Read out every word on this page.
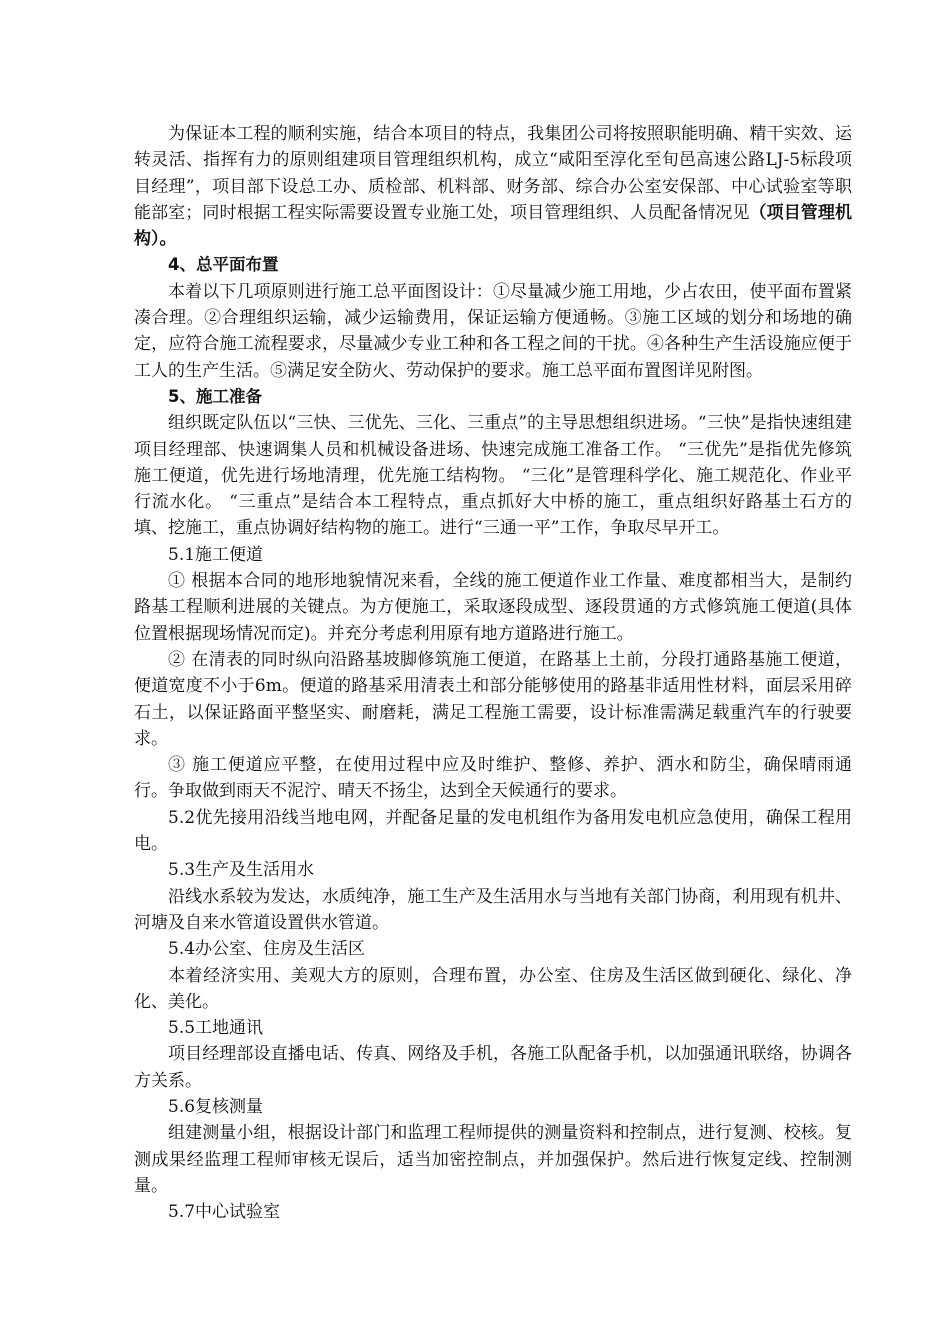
为保证本工程的顺利实施，结合本项目的特点，我集团公司将按照职能明确、精干实效、运转灵活、指挥有力的原则组建项目管理组织机构，成立“咸阳至淳化至旬邑高速公路LJ-5标段项目经理”，项目部下设总工办、质检部、机料部、财务部、综合办公室安保部、中心试验室等职能部室；同时根据工程实际需要设置专业施工处，项目管理组织、人员配备情况见（项目管理机构）。

4、总平面布置

本着以下几项原则进行施工总平面图设计：①尽量减少施工用地，少占农田，使平面布置紧凑合理。②合理组织运输，减少运输费用，保证运输方便通畅。③施工区域的划分和场地的确定，应符合施工流程要求，尽量减少专业工种和各工程之间的干扰。④各种生产生活设施应便于工人的生产生活。⑤满足安全防火、劳动保护的要求。施工总平面布置图详见附图。

5、施工准备

组织既定队伍以“三快、三优先、三化、三重点”的主导思想组织进场。“三快”是指快速组建项目经理部、快速调集人员和机械设备进场、快速完成施工准备工作。 “三优先”是指优先修筑施工便道，优先进行场地清理，优先施工结构物。 “三化”是管理科学化、施工规范化、作业平行流水化。 “三重点”是结合本工程特点，重点抓好大中桥的施工，重点组织好路基土石方的填、挖施工，重点协调好结构物的施工。进行“三通一平”工作，争取尽早开工。

5.1施工便道

① 根据本合同的地形地貌情况来看，全线的施工便道作业工作量、难度都相当大，是制约路基工程顺利进展的关键点。为方便施工，采取逐段成型、逐段贯通的方式修筑施工便道(具体位置根据现场情况而定)。并充分考虑利用原有地方道路进行施工。

② 在清表的同时纵向沿路基坡脚修筑施工便道，在路基上土前，分段打通路基施工便道，便道宽度不小于6m。便道的路基采用清表土和部分能够使用的路基非适用性材料，面层采用碎石土，以保证路面平整坚实、耐磨耗，满足工程施工需要，设计标准需满足载重汽车的行驶要求。

③ 施工便道应平整，在使用过程中应及时维护、整修、养护、洒水和防尘，确保晴雨通行。争取做到雨天不泥泞、晴天不扬尘，达到全天候通行的要求。

5.2优先接用沿线当地电网，并配备足量的发电机组作为备用发电机应急使用，确保工程用电。

5.3生产及生活用水

沿线水系较为发达，水质纯净，施工生产及生活用水与当地有关部门协商，利用现有机井、河塘及自来水管道设置供水管道。

5.4办公室、住房及生活区

本着经济实用、美观大方的原则，合理布置，办公室、住房及生活区做到硬化、绿化、净化、美化。

5.5工地通讯

项目经理部设直播电话、传真、网络及手机，各施工队配备手机，以加强通讯联络，协调各方关系。

5.6复核测量

组建测量小组，根据设计部门和监理工程师提供的测量资料和控制点，进行复测、校核。复测成果经监理工程师审核无误后，适当加密控制点，并加强保护。然后进行恢复定线、控制测量。

5.7中心试验室
